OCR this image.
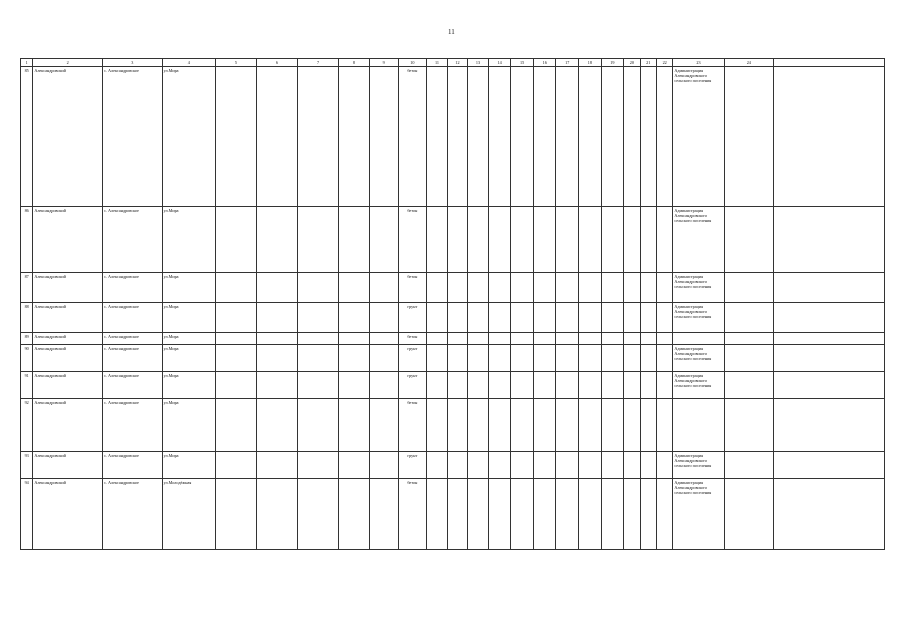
11
1	2	3	4	5	6	7	8	9	10	11	12	13	14	15	16	17	18	19	20	21	22	23	24	
85	Александровский	с. Александровское	ул.Мира						бетон													Администрация Александровского сельского поселения		
86	Александровский	с. Александровское	ул.Мира						бетон													Администрация Александровского сельского поселения		
87	Александровский	с. Александровское	ул.Мира						бетон													Администрация Александровского сельского поселения		
88	Александровский	с. Александровское	ул.Мира						грунт													Администрация Александровского сельского поселения		
89	Александровский	с. Александровское	ул.Мира						бетон															
90	Александровский	с. Александровское	ул.Мира						грунт													Администрация Александровского сельского поселения		
91	Александровский	с. Александровское	ул.Мира						грунт													Администрация Александровского сельского поселения		
92	Александровский	с. Александровское	ул.Мира						бетон															
93	Александровский	с. Александровское	ул.Мира						грунт													Администрация Александровского сельского поселения		
94	Александровский	с. Александровское	ул.Молодёжная						бетон													Администрация Александровского сельского поселения		
